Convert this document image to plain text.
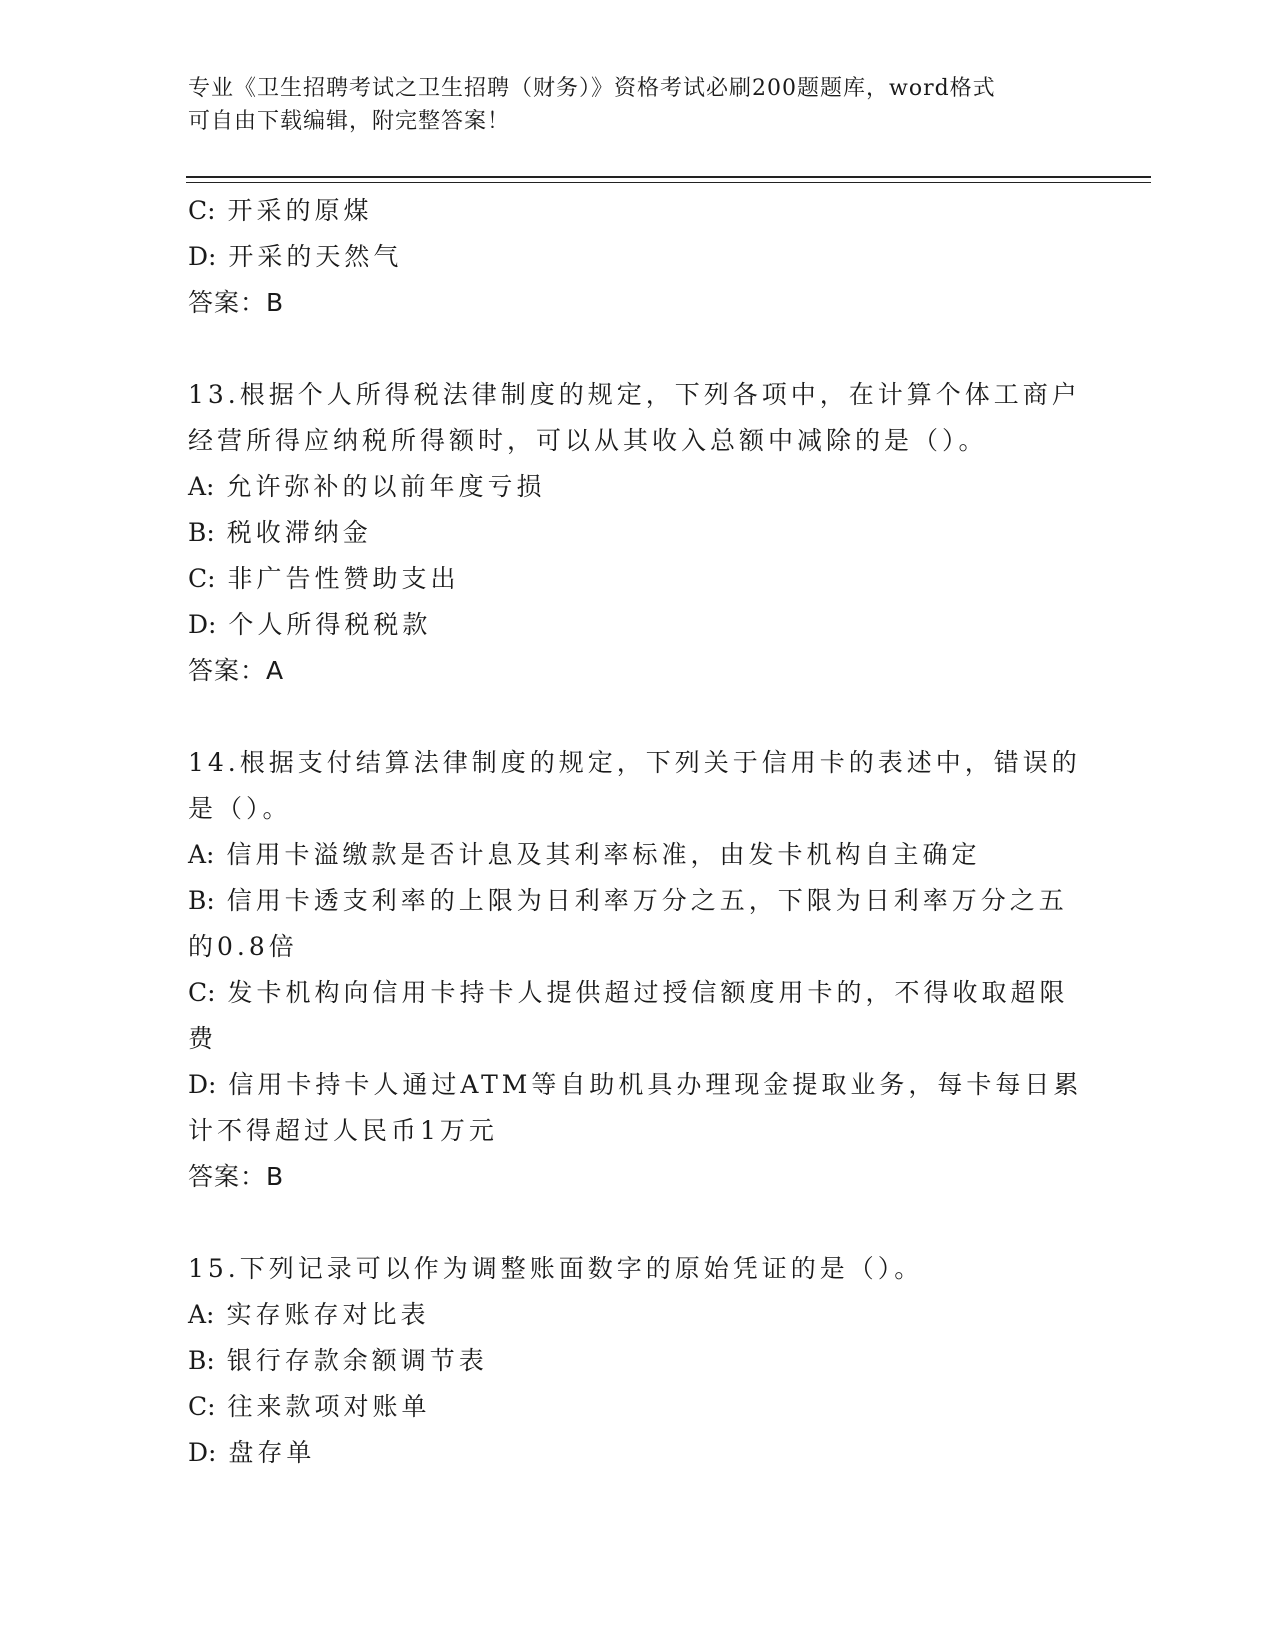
专业《卫生招聘考试之卫生招聘（财务）》资格考试必刷200题题库，word格式
可自由下载编辑，附完整答案！
C: 开采的原煤
D: 开采的天然气
答案：B
13.根据个人所得税法律制度的规定，下列各项中，在计算个体工商户
经营所得应纳税所得额时，可以从其收入总额中减除的是（）。
A: 允许弥补的以前年度亏损
B: 税收滞纳金
C: 非广告性赞助支出
D: 个人所得税税款
答案：A
14.根据支付结算法律制度的规定，下列关于信用卡的表述中，错误的
是（）。
A: 信用卡溢缴款是否计息及其利率标准，由发卡机构自主确定
B: 信用卡透支利率的上限为日利率万分之五，下限为日利率万分之五
的0.8倍
C: 发卡机构向信用卡持卡人提供超过授信额度用卡的，不得收取超限
费
D: 信用卡持卡人通过ATM等自助机具办理现金提取业务，每卡每日累
计不得超过人民币1万元
答案：B
15.下列记录可以作为调整账面数字的原始凭证的是（）。
A: 实存账存对比表
B: 银行存款余额调节表
C: 往来款项对账单
D: 盘存单
